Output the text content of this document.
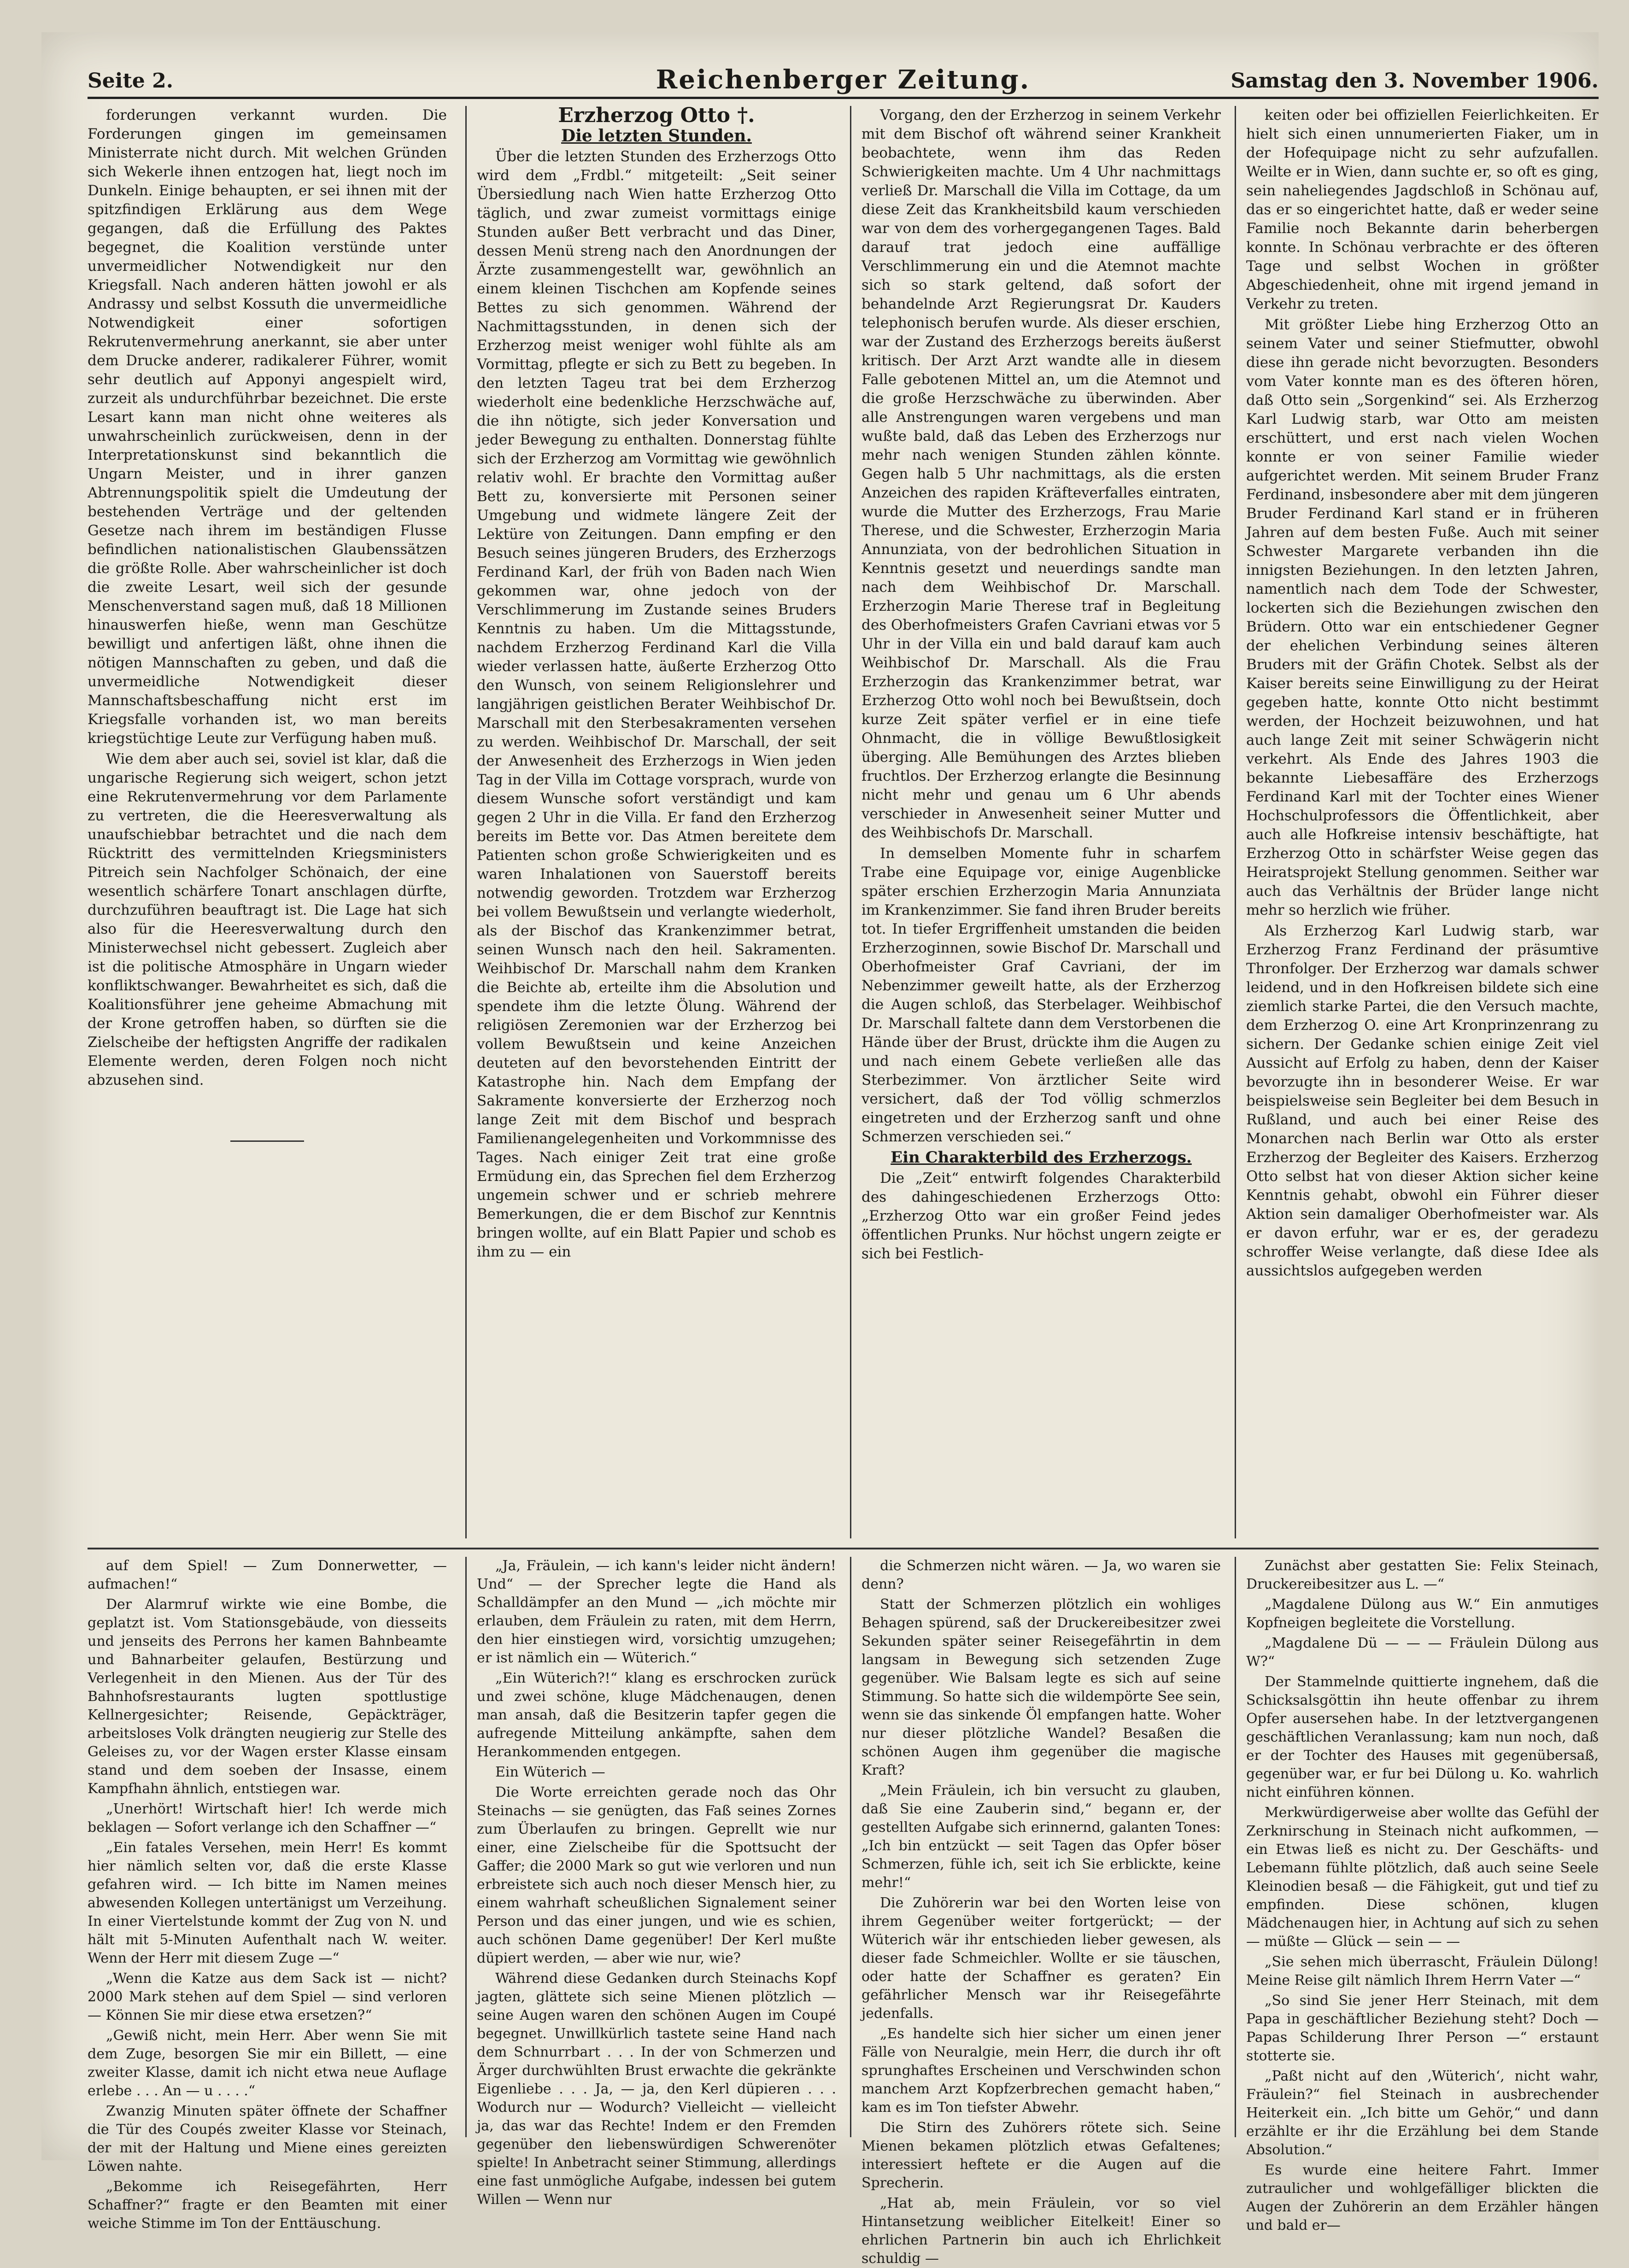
Seite 2.	Reichenberger Zeitung.	Samstag den 3. November 1906.

forderungen verkannt wurden. Die Forderungen gingen im gemeinsamen Ministerrate nicht durch. Mit welchen Gründen sich Wekerle ihnen entzogen hat, liegt noch im Dunkeln. Einige behaupten, er sei ihnen mit der spitzfindigen Erklärung aus dem Wege gegangen, daß die Erfüllung des Paktes begegnet, die Koalition verstünde unter unvermeidlicher Notwendigkeit nur den Kriegsfall. Nach anderen hätten jowohl er als Andrassy und selbst Kossuth die unvermeidliche Notwendigkeit einer sofortigen Rekrutenvermehrung anerkannt, sie aber unter dem Drucke anderer, radikalerer Führer, womit sehr deutlich auf Apponyi angespielt wird, zurzeit als undurchführbar bezeichnet. Die erste Lesart kann man nicht ohne weiteres als unwahrscheinlich zurückweisen, denn in der Interpretationskunst sind bekanntlich die Ungarn Meister, und in ihrer ganzen Abtrennungspolitik spielt die Umdeutung der bestehenden Verträge und der geltenden Gesetze nach ihrem im beständigen Flusse befindlichen nationalistischen Glaubenssätzen die größte Rolle. Aber wahrscheinlicher ist doch die zweite Lesart, weil sich der gesunde Menschenverstand sagen muß, daß 18 Millionen hinauswerfen hieße, wenn man Geschütze bewilligt und anfertigen läßt, ohne ihnen die nötigen Mannschaften zu geben, und daß die unvermeidliche Notwendigkeit dieser Mannschaftsbeschaffung nicht erst im Kriegsfalle vorhanden ist, wo man bereits kriegstüchtige Leute zur Verfügung haben muß.

Wie dem aber auch sei, soviel ist klar, daß die ungarische Regierung sich weigert, schon jetzt eine Rekrutenvermehrung vor dem Parlamente zu vertreten, die die Heeresverwaltung als unaufschiebbar betrachtet und die nach dem Rücktritt des vermittelnden Kriegsministers Pitreich sein Nachfolger Schönaich, der eine wesentlich schärfere Tonart anschlagen dürfte, durchzuführen beauftragt ist. Die Lage hat sich also für die Heeresverwaltung durch den Ministerwechsel nicht gebessert. Zugleich aber ist die politische Atmosphäre in Ungarn wieder konfliktschwanger. Bewahrheitet es sich, daß die Koalitionsführer jene geheime Abmachung mit der Krone getroffen haben, so dürften sie die Zielscheibe der heftigsten Angriffe der radikalen Elemente werden, deren Folgen noch nicht abzusehen sind.

Erzherzog Otto †.

Die letzten Stunden.

Über die letzten Stunden des Erzherzogs Otto wird dem „Frdbl.“ mitgeteilt: „Seit seiner Übersiedlung nach Wien hatte Erzherzog Otto täglich, und zwar zumeist vormittags einige Stunden außer Bett verbracht und das Diner, dessen Menü streng nach den Anordnungen der Ärzte zusammengestellt war, gewöhnlich an einem kleinen Tischchen am Kopfende seines Bettes zu sich genommen. Während der Nachmittagsstunden, in denen sich der Erzherzog meist weniger wohl fühlte als am Vormittag, pflegte er sich zu Bett zu begeben. In den letzten Tageu trat bei dem Erzherzog wiederholt eine bedenkliche Herzschwäche auf, die ihn nötigte, sich jeder Konversation und jeder Bewegung zu enthalten. Donnerstag fühlte sich der Erzherzog am Vormittag wie gewöhnlich relativ wohl. Er brachte den Vormittag außer Bett zu, konversierte mit Personen seiner Umgebung und widmete längere Zeit der Lektüre von Zeitungen. Dann empfing er den Besuch seines jüngeren Bruders, des Erzherzogs Ferdinand Karl, der früh von Baden nach Wien gekommen war, ohne jedoch von der Verschlimmerung im Zustande seines Bruders Kenntnis zu haben. Um die Mittagsstunde, nachdem Erzherzog Ferdinand Karl die Villa wieder verlassen hatte, äußerte Erzherzog Otto den Wunsch, von seinem Religionslehrer und langjährigen geistlichen Berater Weihbischof Dr. Marschall mit den Sterbesakramenten versehen zu werden. Weihbischof Dr. Marschall, der seit der Anwesenheit des Erzherzogs in Wien jeden Tag in der Villa im Cottage vorsprach, wurde von diesem Wunsche sofort verständigt und kam gegen 2 Uhr in die Villa. Er fand den Erzherzog bereits im Bette vor. Das Atmen bereitete dem Patienten schon große Schwierigkeiten und es waren Inhalationen von Sauerstoff bereits notwendig geworden. Trotzdem war Erzherzog bei vollem Bewußtsein und verlangte wiederholt, als der Bischof das Krankenzimmer betrat, seinen Wunsch nach den heil. Sakramenten. Weihbischof Dr. Marschall nahm dem Kranken die Beichte ab, erteilte ihm die Absolution und spendete ihm die letzte Ölung. Während der religiösen Zeremonien war der Erzherzog bei vollem Bewußtsein und keine Anzeichen deuteten auf den bevorstehenden Eintritt der Katastrophe hin. Nach dem Empfang der Sakramente konversierte der Erzherzog noch lange Zeit mit dem Bischof und besprach Familienangelegenheiten und Vorkommnisse des Tages. Nach einiger Zeit trat eine große Ermüdung ein, das Sprechen fiel dem Erzherzog ungemein schwer und er schrieb mehrere Bemerkungen, die er dem Bischof zur Kenntnis bringen wollte, auf ein Blatt Papier und schob es ihm zu — ein

Vorgang, den der Erzherzog in seinem Verkehr mit dem Bischof oft während seiner Krankheit beobachtete, wenn ihm das Reden Schwierigkeiten machte. Um 4 Uhr nachmittags verließ Dr. Marschall die Villa im Cottage, da um diese Zeit das Krankheitsbild kaum verschieden war von dem des vorhergegangenen Tages. Bald darauf trat jedoch eine auffällige Verschlimmerung ein und die Atemnot machte sich so stark geltend, daß sofort der behandelnde Arzt Regierungsrat Dr. Kauders telephonisch berufen wurde. Als dieser erschien, war der Zustand des Erzherzogs bereits äußerst kritisch. Der Arzt Arzt wandte alle in diesem Falle gebotenen Mittel an, um die Atemnot und die große Herzschwäche zu überwinden. Aber alle Anstrengungen waren vergebens und man wußte bald, daß das Leben des Erzherzogs nur mehr nach wenigen Stunden zählen könnte. Gegen halb 5 Uhr nachmittags, als die ersten Anzeichen des rapiden Kräfteverfalles eintraten, wurde die Mutter des Erzherzogs, Frau Marie Therese, und die Schwester, Erzherzogin Maria Annunziata, von der bedrohlichen Situation in Kenntnis gesetzt und neuerdings sandte man nach dem Weihbischof Dr. Marschall. Erzherzogin Marie Therese traf in Begleitung des Oberhofmeisters Grafen Cavriani etwas vor 5 Uhr in der Villa ein und bald darauf kam auch Weihbischof Dr. Marschall. Als die Frau Erzherzogin das Krankenzimmer betrat, war Erzherzog Otto wohl noch bei Bewußtsein, doch kurze Zeit später verfiel er in eine tiefe Ohnmacht, die in völlige Bewußtlosigkeit überging. Alle Bemühungen des Arztes blieben fruchtlos. Der Erzherzog erlangte die Besinnung nicht mehr und genau um 6 Uhr abends verschieder in Anwesenheit seiner Mutter und des Weihbischofs Dr. Marschall.

In demselben Momente fuhr in scharfem Trabe eine Equipage vor, einige Augenblicke später erschien Erzherzogin Maria Annunziata im Krankenzimmer. Sie fand ihren Bruder bereits tot. In tiefer Ergriffenheit umstanden die beiden Erzherzoginnen, sowie Bischof Dr. Marschall und Oberhofmeister Graf Cavriani, der im Nebenzimmer geweilt hatte, als der Erzherzog die Augen schloß, das Sterbelager. Weihbischof Dr. Marschall faltete dann dem Verstorbenen die Hände über der Brust, drückte ihm die Augen zu und nach einem Gebete verließen alle das Sterbezimmer. Von ärztlicher Seite wird versichert, daß der Tod völlig schmerzlos eingetreten und der Erzherzog sanft und ohne Schmerzen verschieden sei.“

Ein Charakterbild des Erzherzogs.

Die „Zeit“ entwirft folgendes Charakterbild des dahingeschiedenen Erzherzogs Otto: „Erzherzog Otto war ein großer Feind jedes öffentlichen Prunks. Nur höchst ungern zeigte er sich bei Festlich-

keiten oder bei offiziellen Feierlichkeiten. Er hielt sich einen unnumerierten Fiaker, um in der Hofequipage nicht zu sehr aufzufallen. Weilte er in Wien, dann suchte er, so oft es ging, sein naheliegendes Jagdschloß in Schönau auf, das er so eingerichtet hatte, daß er weder seine Familie noch Bekannte darin beherbergen konnte. In Schönau verbrachte er des öfteren Tage und selbst Wochen in größter Abgeschiedenheit, ohne mit irgend jemand in Verkehr zu treten.

Mit größter Liebe hing Erzherzog Otto an seinem Vater und seiner Stiefmutter, obwohl diese ihn gerade nicht bevorzugten. Besonders vom Vater konnte man es des öfteren hören, daß Otto sein „Sorgenkind“ sei. Als Erzherzog Karl Ludwig starb, war Otto am meisten erschüttert, und erst nach vielen Wochen konnte er von seiner Familie wieder aufgerichtet werden. Mit seinem Bruder Franz Ferdinand, insbesondere aber mit dem jüngeren Bruder Ferdinand Karl stand er in früheren Jahren auf dem besten Fuße. Auch mit seiner Schwester Margarete verbanden ihn die innigsten Beziehungen. In den letzten Jahren, namentlich nach dem Tode der Schwester, lockerten sich die Beziehungen zwischen den Brüdern. Otto war ein entschiedener Gegner der ehelichen Verbindung seines älteren Bruders mit der Gräfin Chotek. Selbst als der Kaiser bereits seine Einwilligung zu der Heirat gegeben hatte, konnte Otto nicht bestimmt werden, der Hochzeit beizuwohnen, und hat auch lange Zeit mit seiner Schwägerin nicht verkehrt. Als Ende des Jahres 1903 die bekannte Liebesaffäre des Erzherzogs Ferdinand Karl mit der Tochter eines Wiener Hochschulprofessors die Öffentlichkeit, aber auch alle Hofkreise intensiv beschäftigte, hat Erzherzog Otto in schärfster Weise gegen das Heiratsprojekt Stellung genommen. Seither war auch das Verhältnis der Brüder lange nicht mehr so herzlich wie früher.

Als Erzherzog Karl Ludwig starb, war Erzherzog Franz Ferdinand der präsumtive Thronfolger. Der Erzherzog war damals schwer leidend, und in den Hofkreisen bildete sich eine ziemlich starke Partei, die den Versuch machte, dem Erzherzog O. eine Art Kronprinzenrang zu sichern. Der Gedanke schien einige Zeit viel Aussicht auf Erfolg zu haben, denn der Kaiser bevorzugte ihn in besonderer Weise. Er war beispielsweise sein Begleiter bei dem Besuch in Rußland, und auch bei einer Reise des Monarchen nach Berlin war Otto als erster Erzherzog der Begleiter des Kaisers. Erzherzog Otto selbst hat von dieser Aktion sicher keine Kenntnis gehabt, obwohl ein Führer dieser Aktion sein damaliger Oberhofmeister war. Als er davon erfuhr, war er es, der geradezu schroffer Weise verlangte, daß diese Idee als aussichtslos aufgegeben werden

auf dem Spiel! — Zum Donnerwetter, — aufmachen!“

Der Alarmruf wirkte wie eine Bombe, die geplatzt ist. Vom Stationsgebäude, von diesseits und jenseits des Perrons her kamen Bahnbeamte und Bahnarbeiter gelaufen, Bestürzung und Verlegenheit in den Mienen. Aus der Tür des Bahnhofsrestaurants lugten spottlustige Kellnergesichter; Reisende, Gepäckträger, arbeitsloses Volk drängten neugierig zur Stelle des Geleises zu, vor der Wagen erster Klasse einsam stand und dem soeben der Insasse, einem Kampfhahn ähnlich, entstiegen war.

„Unerhört! Wirtschaft hier! Ich werde mich beklagen — Sofort verlange ich den Schaffner —“

„Ein fatales Versehen, mein Herr! Es kommt hier nämlich selten vor, daß die erste Klasse gefahren wird. — Ich bitte im Namen meines abwesenden Kollegen untertänigst um Verzeihung. In einer Viertelstunde kommt der Zug von N. und hält mit 5-Minuten Aufenthalt nach W. weiter. Wenn der Herr mit diesem Zuge —“

„Wenn die Katze aus dem Sack ist — nicht? 2000 Mark stehen auf dem Spiel — sind verloren — Können Sie mir diese etwa ersetzen?“

„Gewiß nicht, mein Herr. Aber wenn Sie mit dem Zuge, besorgen Sie mir ein Billett, — eine zweiter Klasse, damit ich nicht etwa neue Auflage erlebe . . . An — u . . . .“

Zwanzig Minuten später öffnete der Schaffner die Tür des Coupés zweiter Klasse vor Steinach, der mit der Haltung und Miene eines gereizten Löwen nahte.

„Bekomme ich Reisegefährten, Herr Schaffner?“ fragte er den Beamten mit einer weiche Stimme im Ton der Enttäuschung.

„Ja, Fräulein, — ich kann's leider nicht ändern! Und“ — der Sprecher legte die Hand als Schalldämpfer an den Mund — „ich möchte mir erlauben, dem Fräulein zu raten, mit dem Herrn, den hier einstiegen wird, vorsichtig umzugehen; er ist nämlich ein — Wüterich.“

„Ein Wüterich?!“ klang es erschrocken zurück und zwei schöne, kluge Mädchenaugen, denen man ansah, daß die Besitzerin tapfer gegen die aufregende Mitteilung ankämpfte, sahen dem Herankommenden entgegen.

Ein Wüterich —

Die Worte erreichten gerade noch das Ohr Steinachs — sie genügten, das Faß seines Zornes zum Überlaufen zu bringen. Geprellt wie nur einer, eine Zielscheibe für die Spottsucht der Gaffer; die 2000 Mark so gut wie verloren und nun erbreistete sich auch noch dieser Mensch hier, zu einem wahrhaft scheußlichen Signalement seiner Person und das einer jungen, und wie es schien, auch schönen Dame gegenüber! Der Kerl mußte düpiert werden, — aber wie nur, wie?

Während diese Gedanken durch Steinachs Kopf jagten, glättete sich seine Mienen plötzlich — seine Augen waren den schönen Augen im Coupé begegnet. Unwillkürlich tastete seine Hand nach dem Schnurrbart . . . In der von Schmerzen und Ärger durchwühlten Brust erwachte die gekränkte Eigenliebe . . . Ja, — ja, den Kerl düpieren . . . Wodurch nur — Wodurch? Vielleicht — vielleicht ja, das war das Rechte! Indem er den Fremden gegenüber den liebenswürdigen Schwerenöter spielte! In Anbetracht seiner Stimmung, allerdings eine fast unmögliche Aufgabe, indessen bei gutem Willen — Wenn nur

die Schmerzen nicht wären. — Ja, wo waren sie denn?

Statt der Schmerzen plötzlich ein wohliges Behagen spürend, saß der Druckereibesitzer zwei Sekunden später seiner Reisegefährtin in dem langsam in Bewegung sich setzenden Zuge gegenüber. Wie Balsam legte es sich auf seine Stimmung. So hatte sich die wildempörte See sein, wenn sie das sinkende Öl empfangen hatte. Woher nur dieser plötzliche Wandel? Besaßen die schönen Augen ihm gegenüber die magische Kraft?

„Mein Fräulein, ich bin versucht zu glauben, daß Sie eine Zauberin sind,“ begann er, der gestellten Aufgabe sich erinnernd, galanten Tones: „Ich bin entzückt — seit Tagen das Opfer böser Schmerzen, fühle ich, seit ich Sie erblickte, keine mehr!“

Die Zuhörerin war bei den Worten leise von ihrem Gegenüber weiter fortgerückt; — der Wüterich wär ihr entschieden lieber gewesen, als dieser fade Schmeichler. Wollte er sie täuschen, oder hatte der Schaffner es geraten? Ein gefährlicher Mensch war ihr Reisegefährte jedenfalls.

„Es handelte sich hier sicher um einen jener Fälle von Neuralgie, mein Herr, die durch ihr oft sprunghaftes Erscheinen und Verschwinden schon manchem Arzt Kopfzerbrechen gemacht haben,“ kam es im Ton tiefster Abwehr.

Die Stirn des Zuhörers rötete sich. Seine Mienen bekamen plötzlich etwas Gefaltenes; interessiert heftete er die Augen auf die Sprecherin.

„Hat ab, mein Fräulein, vor so viel Hintansetzung weiblicher Eitelkeit! Einer so ehrlichen Partnerin bin auch ich Ehrlichkeit schuldig —

Zunächst aber gestatten Sie: Felix Steinach, Druckereibesitzer aus L. —“

„Magdalene Dülong aus W.“ Ein anmutiges Kopfneigen begleitete die Vorstellung.

„Magdalene Dü — — — Fräulein Dülong aus W?“

Der Stammelnde quittierte ingnehem, daß die Schicksalsgöttin ihn heute offenbar zu ihrem Opfer ausersehen habe. In der letztvergangenen geschäftlichen Veranlassung; kam nun noch, daß er der Tochter des Hauses mit gegenübersaß, gegenüber war, er fur bei Dülong u. Ko. wahrlich nicht einführen können.

Merkwürdigerweise aber wollte das Gefühl der Zerknirschung in Steinach nicht aufkommen, — ein Etwas ließ es nicht zu. Der Geschäfts- und Lebemann fühlte plötzlich, daß auch seine Seele Kleinodien besaß — die Fähigkeit, gut und tief zu empfinden. Diese schönen, klugen Mädchenaugen hier, in Achtung auf sich zu sehen — müßte — Glück — sein — —

„Sie sehen mich überrascht, Fräulein Dülong! Meine Reise gilt nämlich Ihrem Herrn Vater —“

„So sind Sie jener Herr Steinach, mit dem Papa in geschäftlicher Beziehung steht? Doch — Papas Schilderung Ihrer Person —“ erstaunt stotterte sie.

„Paßt nicht auf den ‚Wüterich‘, nicht wahr, Fräulein?“ fiel Steinach in ausbrechender Heiterkeit ein. „Ich bitte um Gehör,“ und dann erzählte er ihr die Erzählung bei dem Stande Absolution.“

Es wurde eine heitere Fahrt. Immer zutraulicher und wohlgefälliger blickten die Augen der Zuhörerin an dem Erzähler hängen und bald er—
